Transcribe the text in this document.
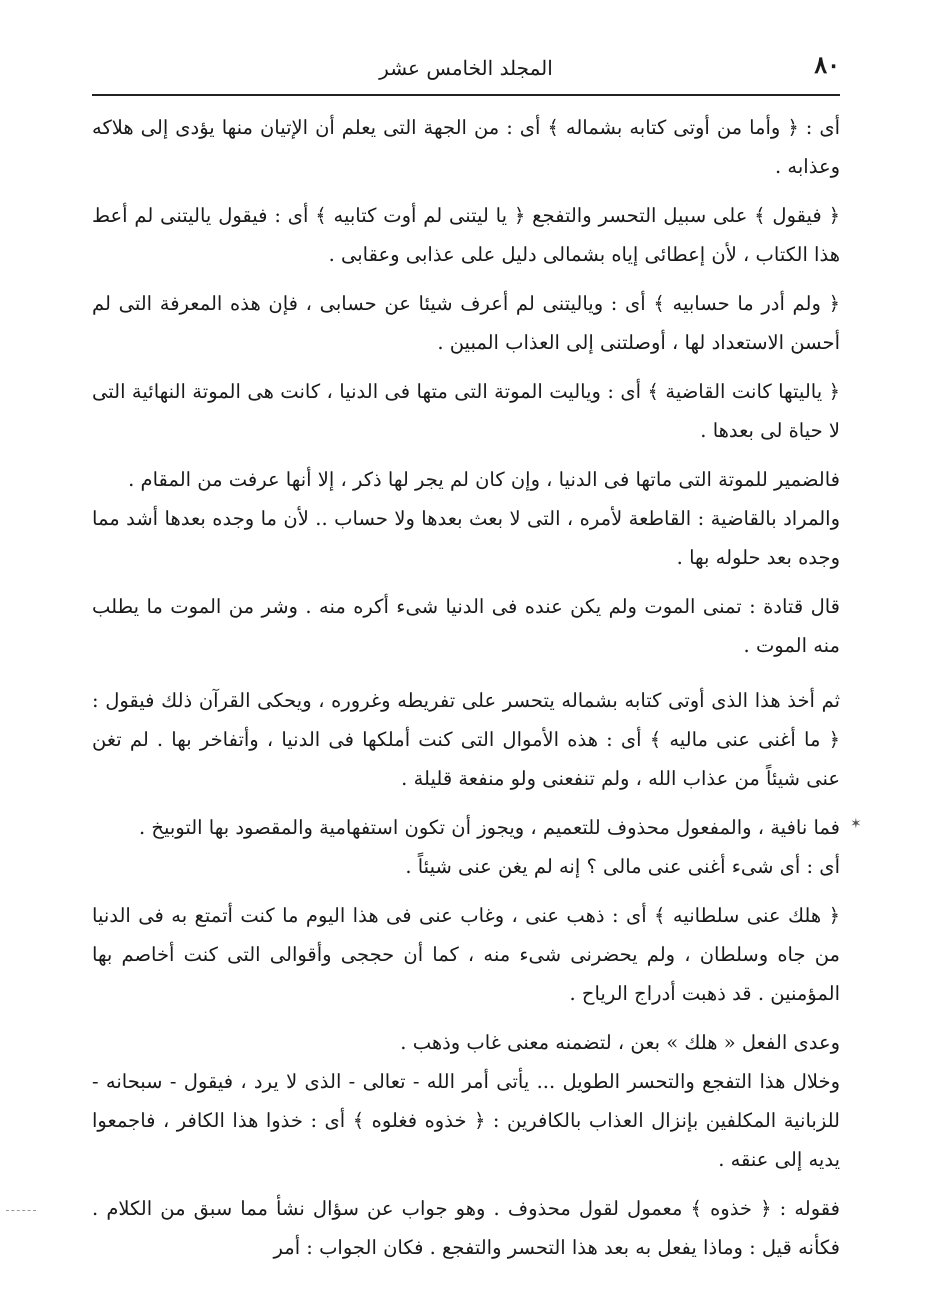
٨٠
المجلد الخامس عشر

أى : ﴿ وأما من أوتى كتابه بشماله ﴾ أى : من الجهة التى يعلم أن الإتيان منها يؤدى إلى هلاكه وعذابه .

﴿ فيقول ﴾ على سبيل التحسر والتفجع ﴿ يا ليتنى لم أوت كتابيه ﴾ أى : فيقول ياليتنى لم أعط هذا الكتاب ، لأن إعطائى إياه بشمالى دليل على عذابى وعقابى .

﴿ ولم أدر ما حسابيه ﴾ أى : وياليتنى لم أعرف شيئا عن حسابى ، فإن هذه المعرفة التى لم أحسن الاستعداد لها ، أوصلتنى إلى العذاب المبين .

﴿ ياليتها كانت القاضية ﴾ أى : وياليت الموتة التى متها فى الدنيا ، كانت هى الموتة النهائية التى لا حياة لى بعدها .

فالضمير للموتة التى ماتها فى الدنيا ، وإن كان لم يجر لها ذكر ، إلا أنها عرفت من المقام .

والمراد بالقاضية : القاطعة لأمره ، التى لا بعث بعدها ولا حساب .. لأن ما وجده بعدها أشد مما وجده بعد حلوله بها .

قال قتادة : تمنى الموت ولم يكن عنده فى الدنيا شىء أكره منه . وشر من الموت ما يطلب منه الموت .

ثم أخذ هذا الذى أوتى كتابه بشماله يتحسر على تفريطه وغروره ، ويحكى القرآن ذلك فيقول : ﴿ ما أغنى عنى ماليه ﴾ أى : هذه الأموال التى كنت أملكها فى الدنيا ، وأتفاخر بها . لم تغن عنى شيئاً من عذاب الله ، ولم تنفعنى ولو منفعة قليلة .

فما نافية ، والمفعول محذوف للتعميم ، ويجوز أن تكون استفهامية والمقصود بها التوبيخ .

أى : أى شىء أغنى عنى مالى ؟ إنه لم يغن عنى شيئاً .

﴿ هلك عنى سلطانيه ﴾ أى : ذهب عنى ، وغاب عنى فى هذا اليوم ما كنت أتمتع به فى الدنيا من جاه وسلطان ، ولم يحضرنى شىء منه ، كما أن حججى وأقوالى التى كنت أخاصم بها المؤمنين . قد ذهبت أدراج الرياح .

وعدى الفعل « هلك » بعن ، لتضمنه معنى غاب وذهب .

وخلال هذا التفجع والتحسر الطويل ... يأتى أمر الله - تعالى - الذى لا يرد ، فيقول - سبحانه - للزبانية المكلفين بإنزال العذاب بالكافرين : ﴿ خذوه فغلوه ﴾ أى : خذوا هذا الكافر ، فاجمعوا يديه إلى عنقه .

فقوله : ﴿ خذوه ﴾ معمول لقول محذوف . وهو جواب عن سؤال نشأ مما سبق من الكلام . فكأنه قيل : وماذا يفعل به بعد هذا التحسر والتفجع . فكان الجواب : أمر

✶
